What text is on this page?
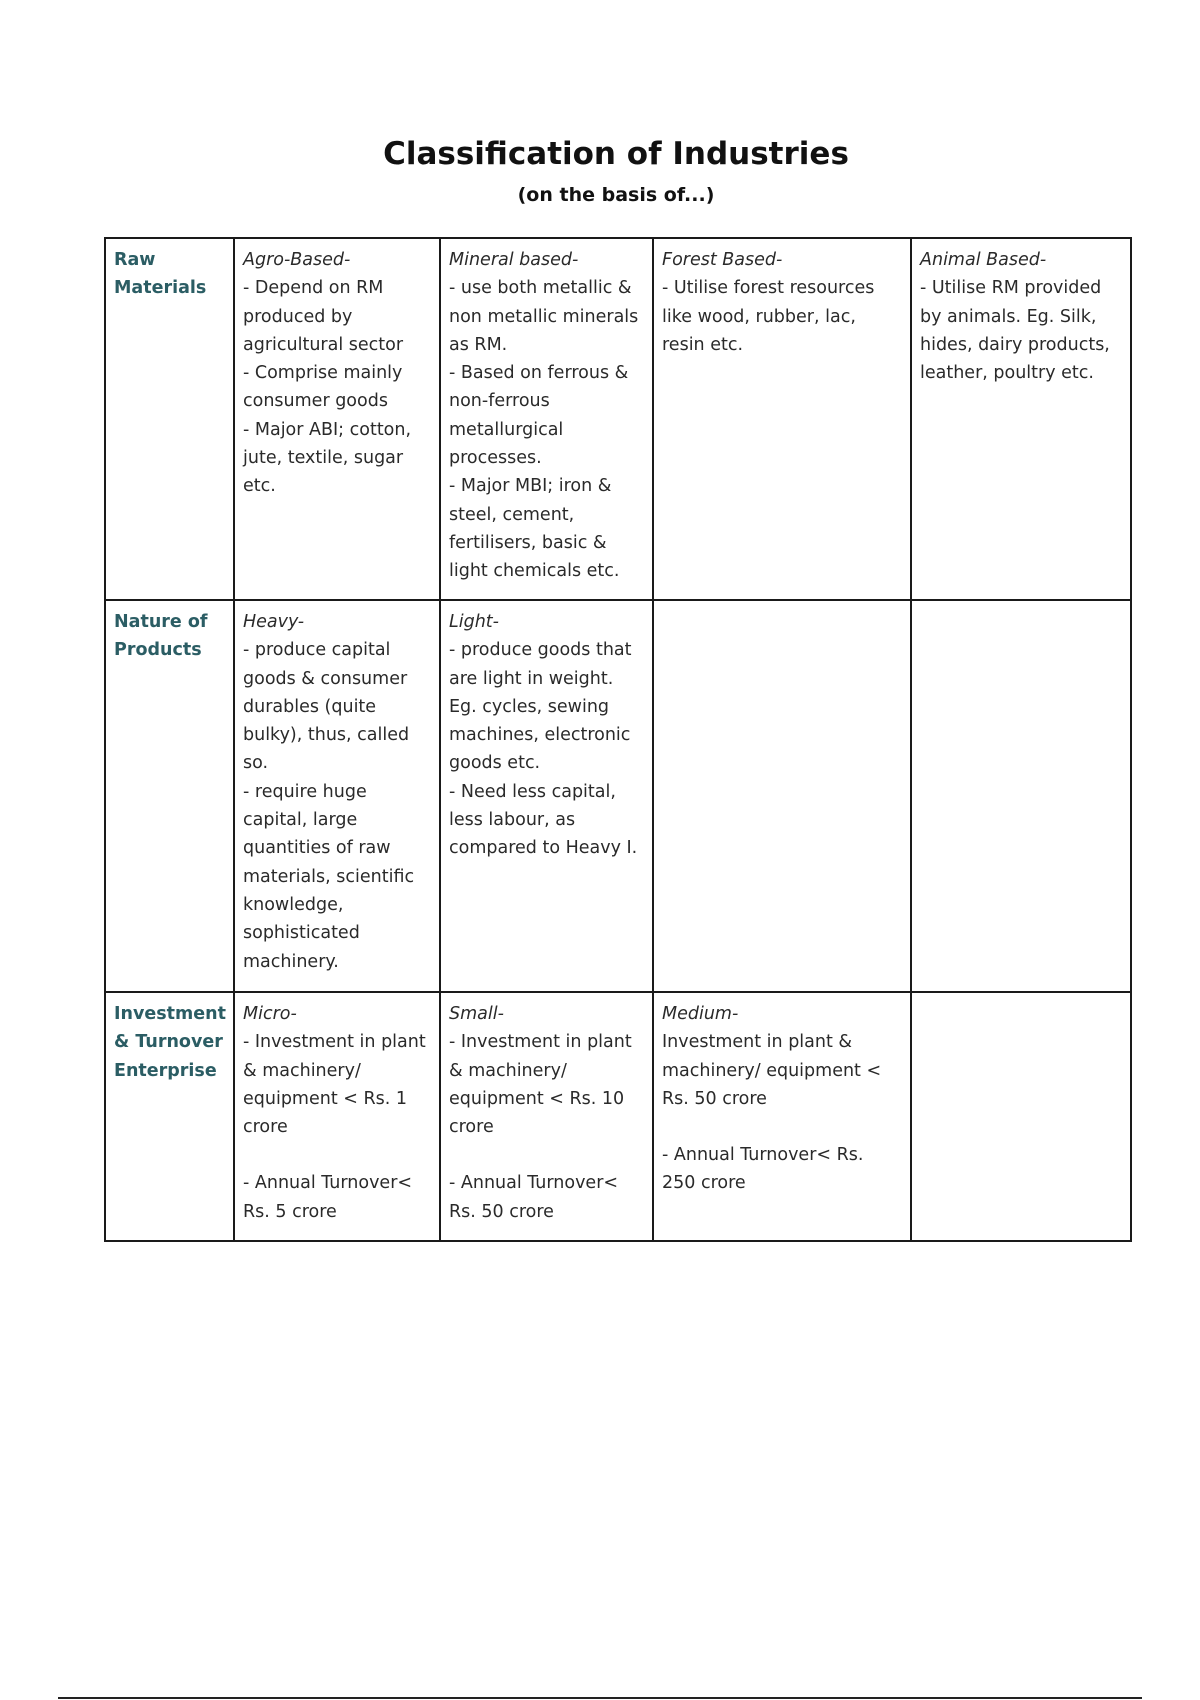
Classification of Industries
(on the basis of...)
Raw Materials	Agro-Based-
- Depend on RM produced by agricultural sector
- Comprise mainly consumer goods
- Major ABI; cotton, jute, textile, sugar etc.	Mineral based-
- use both metallic & non metallic minerals as RM.
- Based on ferrous & non-ferrous metallurgical processes.
- Major MBI; iron & steel, cement, fertilisers, basic & light chemicals etc.	Forest Based-
- Utilise forest resources like wood, rubber, lac, resin etc.	Animal Based-
- Utilise RM provided by animals. Eg. Silk, hides, dairy products, leather, poultry etc.

Nature of Products	Heavy-
- produce capital goods & consumer durables (quite bulky), thus, called so.
- require huge capital, large quantities of raw materials, scientific knowledge, sophisticated machinery.	Light-
- produce goods that are light in weight. Eg. cycles, sewing machines, electronic goods etc.
- Need less capital, less labour, as compared to Heavy I.		

Investment & Turnover Enterprise	Micro-
- Investment in plant & machinery/ equipment < Rs. 1 crore
- Annual Turnover< Rs. 5 crore	Small-
- Investment in plant & machinery/ equipment < Rs. 10 crore
- Annual Turnover< Rs. 50 crore	Medium-
Investment in plant & machinery/ equipment < Rs. 50 crore
- Annual Turnover< Rs. 250 crore	
